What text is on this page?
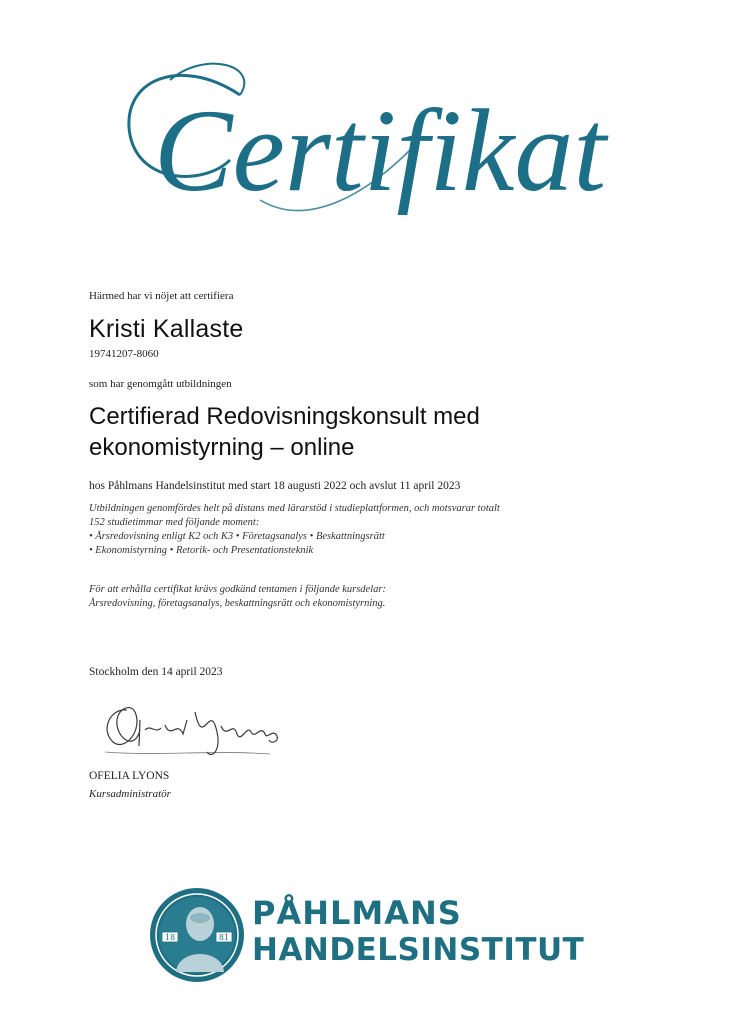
Certifikat

Härmed har vi nöjet att certifiera

Kristi Kallaste

19741207-8060

som har genomgått utbildningen

Certifierad Redovisningskonsult med
ekonomistyrning – online

hos Påhlmans Handelsinstitut med start 18 augusti 2022 och avslut 11 april 2023

Utbildningen genomfördes helt på distans med lärarstöd i studieplattformen, och motsvarar totalt
152 studietimmar med följande moment:
• Årsredovisning enligt K2 och K3 • Företagsanalys • Beskattningsrätt
• Ekonomistyrning • Retorik- och Presentationsteknik

För att erhålla certifikat krävs godkänd tentamen i följande kursdelar:
Årsredovisning, företagsanalys, beskattningsrätt och ekonomistyrning.

Stockholm den 14 april 2023

OFELIA LYONS

Kursadministratör

18	81

PÅHLMANS

HANDELSINSTITUT
